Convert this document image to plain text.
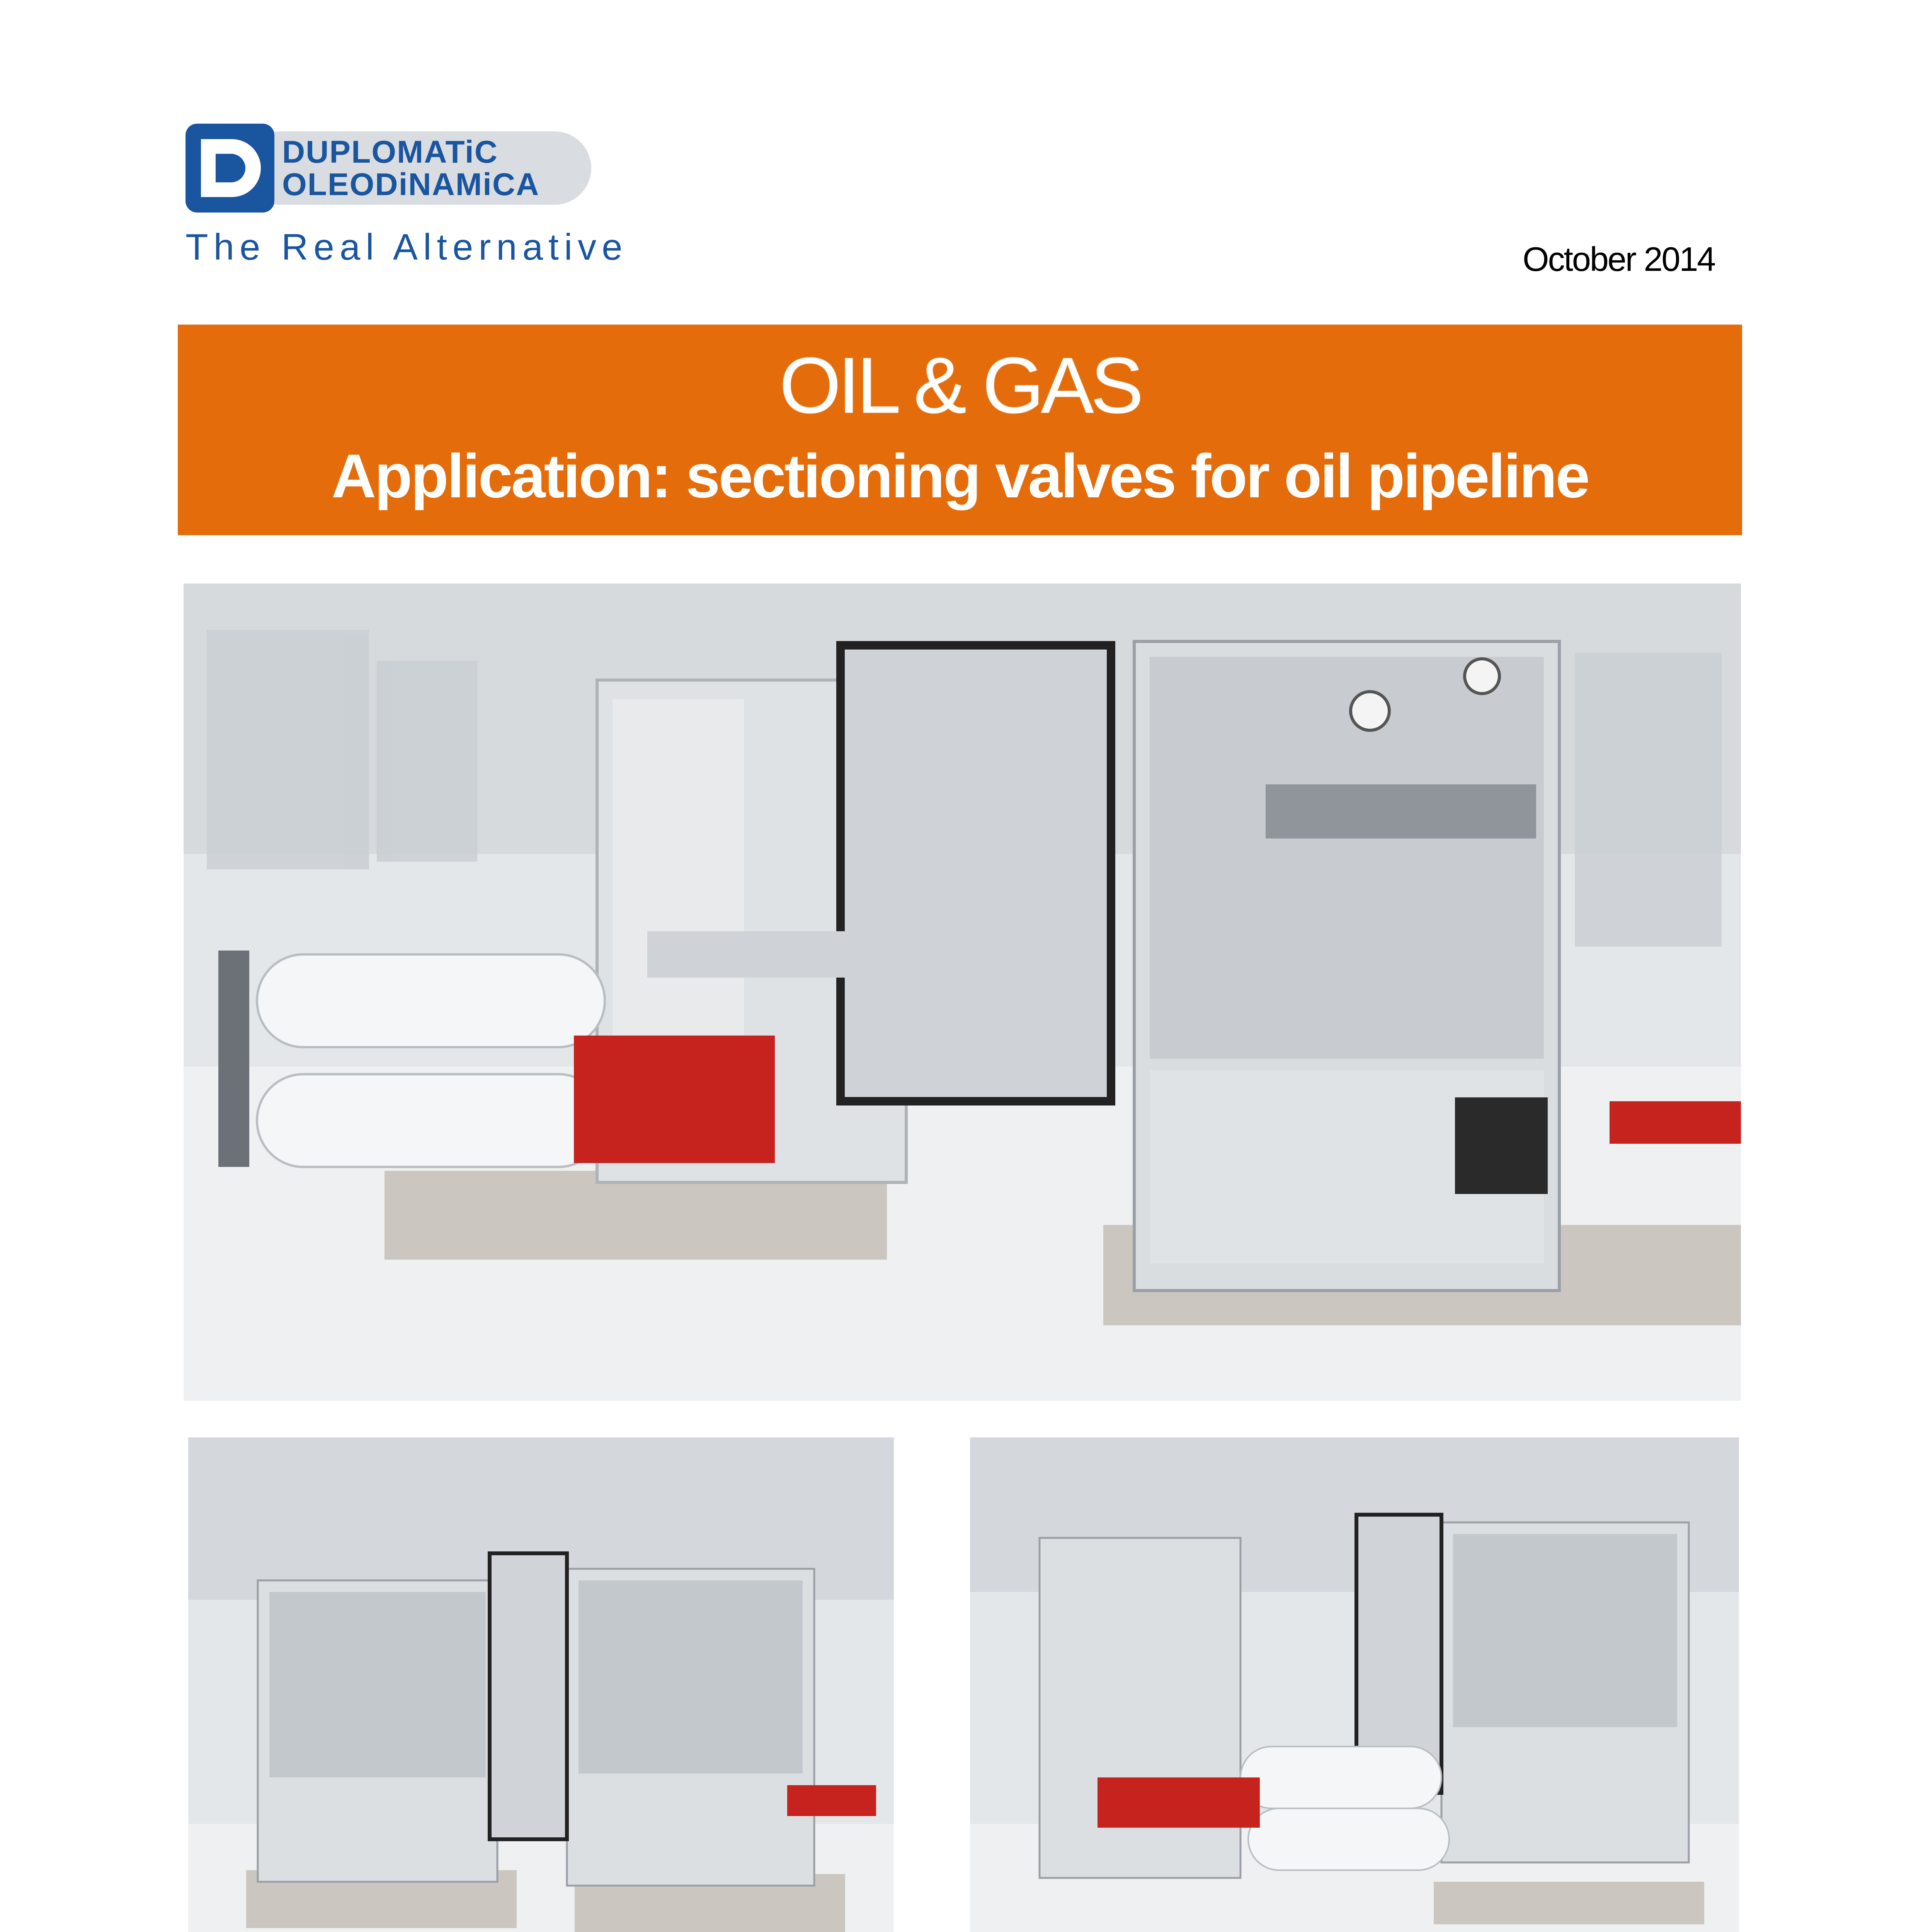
DUPLOMATiC
OLEODiNAMiCA
The Real Alternative	October 2014
OIL & GAS
Application: sectioning valves for oil pipeline
